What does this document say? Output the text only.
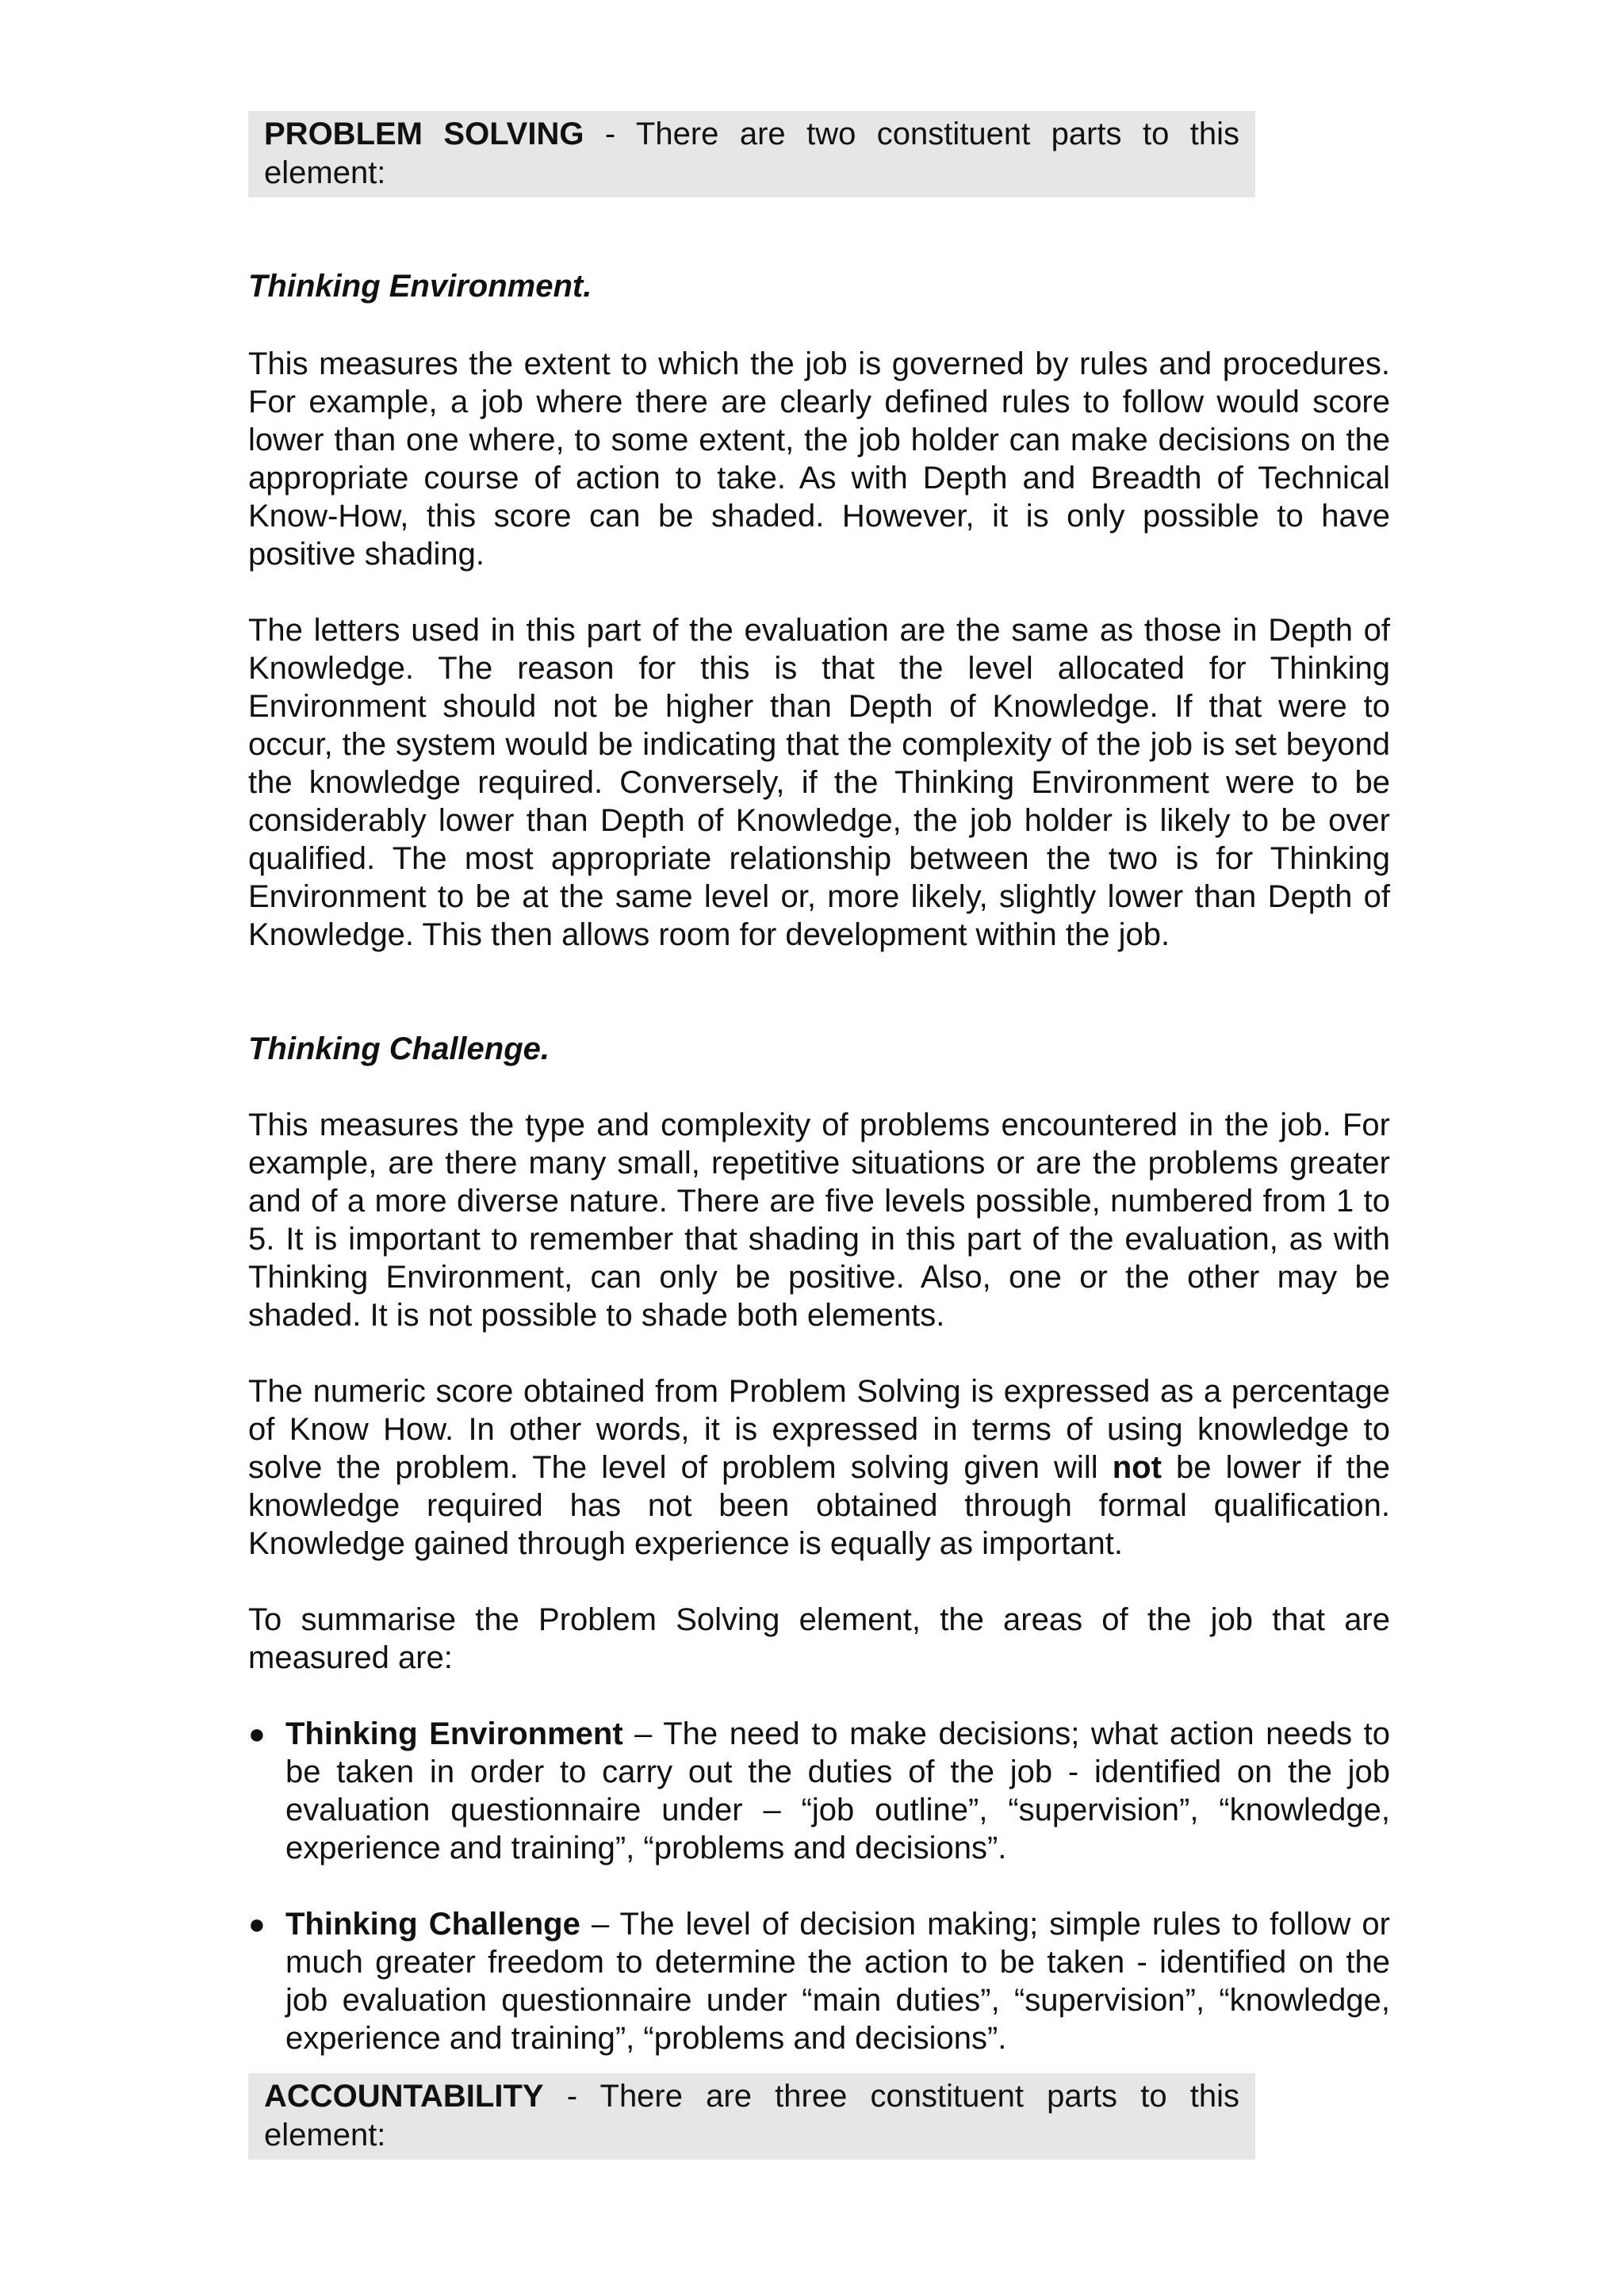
PROBLEM SOLVING - There are two constituent parts to this element:

Thinking Environment.

This measures the extent to which the job is governed by rules and procedures. For example, a job where there are clearly defined rules to follow would score lower than one where, to some extent, the job holder can make decisions on the appropriate course of action to take. As with Depth and Breadth of Technical Know-How, this score can be shaded. However, it is only possible to have positive shading.

The letters used in this part of the evaluation are the same as those in Depth of Knowledge. The reason for this is that the level allocated for Thinking Environment should not be higher than Depth of Knowledge. If that were to occur, the system would be indicating that the complexity of the job is set beyond the knowledge required. Conversely, if the Thinking Environment were to be considerably lower than Depth of Knowledge, the job holder is likely to be over qualified. The most appropriate relationship between the two is for Thinking Environment to be at the same level or, more likely, slightly lower than Depth of Knowledge. This then allows room for development within the job.

Thinking Challenge.

This measures the type and complexity of problems encountered in the job. For example, are there many small, repetitive situations or are the problems greater and of a more diverse nature. There are five levels possible, numbered from 1 to 5. It is important to remember that shading in this part of the evaluation, as with Thinking Environment, can only be positive. Also, one or the other may be shaded. It is not possible to shade both elements.

The numeric score obtained from Problem Solving is expressed as a percentage of Know How. In other words, it is expressed in terms of using knowledge to solve the problem. The level of problem solving given will not be lower if the knowledge required has not been obtained through formal qualification. Knowledge gained through experience is equally as important.

To summarise the Problem Solving element, the areas of the job that are measured are:

● Thinking Environment – The need to make decisions; what action needs to be taken in order to carry out the duties of the job - identified on the job evaluation questionnaire under – “job outline”, “supervision”, “knowledge, experience and training”, “problems and decisions”.
● Thinking Challenge – The level of decision making; simple rules to follow or much greater freedom to determine the action to be taken - identified on the job evaluation questionnaire under “main duties”, “supervision”, “knowledge, experience and training”, “problems and decisions”.
ACCOUNTABILITY - There are three constituent parts to this element:
